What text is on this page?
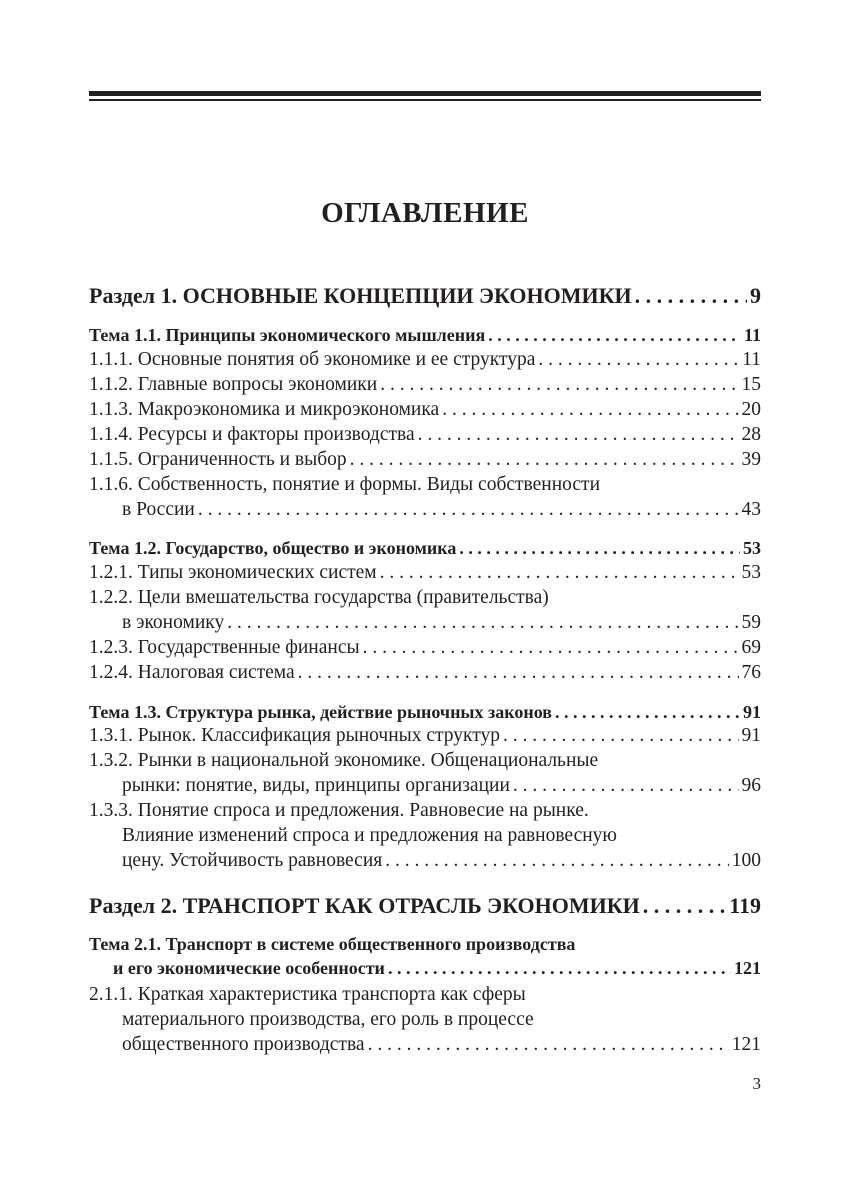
ОГЛАВЛЕНИЕ
Раздел 1. ОСНОВНЫЕ КОНЦЕПЦИИ ЭКОНОМИКИ . . .	9
Тема 1.1. Принципы экономического мышления . . .	11
1.1.1. Основные понятия об экономике и ее структура . . .	11
1.1.2. Главные вопросы экономики . . .	15
1.1.3. Макроэкономика и микроэкономика . . .	20
1.1.4. Ресурсы и факторы производства . . .	28
1.1.5. Ограниченность и выбор . . .	39
1.1.6. Собственность, понятие и формы. Виды собственности
в России . . .	43
Тема 1.2. Государство, общество и экономика . . .	53
1.2.1. Типы экономических систем . . .	53
1.2.2. Цели вмешательства государства (правительства)
в экономику . . .	59
1.2.3. Государственные финансы . . .	69
1.2.4. Налоговая система . . .	76
Тема 1.3. Структура рынка, действие рыночных законов . . .	91
1.3.1. Рынок. Классификация рыночных структур . . .	91
1.3.2. Рынки в национальной экономике. Общенациональные
рынки: понятие, виды, принципы организации . . .	96
1.3.3. Понятие спроса и предложения. Равновесие на рынке.
Влияние изменений спроса и предложения на равновесную
цену. Устойчивость равновесия . . .	100
Раздел 2. ТРАНСПОРТ КАК ОТРАСЛЬ ЭКОНОМИКИ . . .	119
Тема 2.1. Транспорт в системе общественного производства
и его экономические особенности . . .	121
2.1.1. Краткая характеристика транспорта как сферы
материального производства, его роль в процессе
общественного производства . . .	121
3
